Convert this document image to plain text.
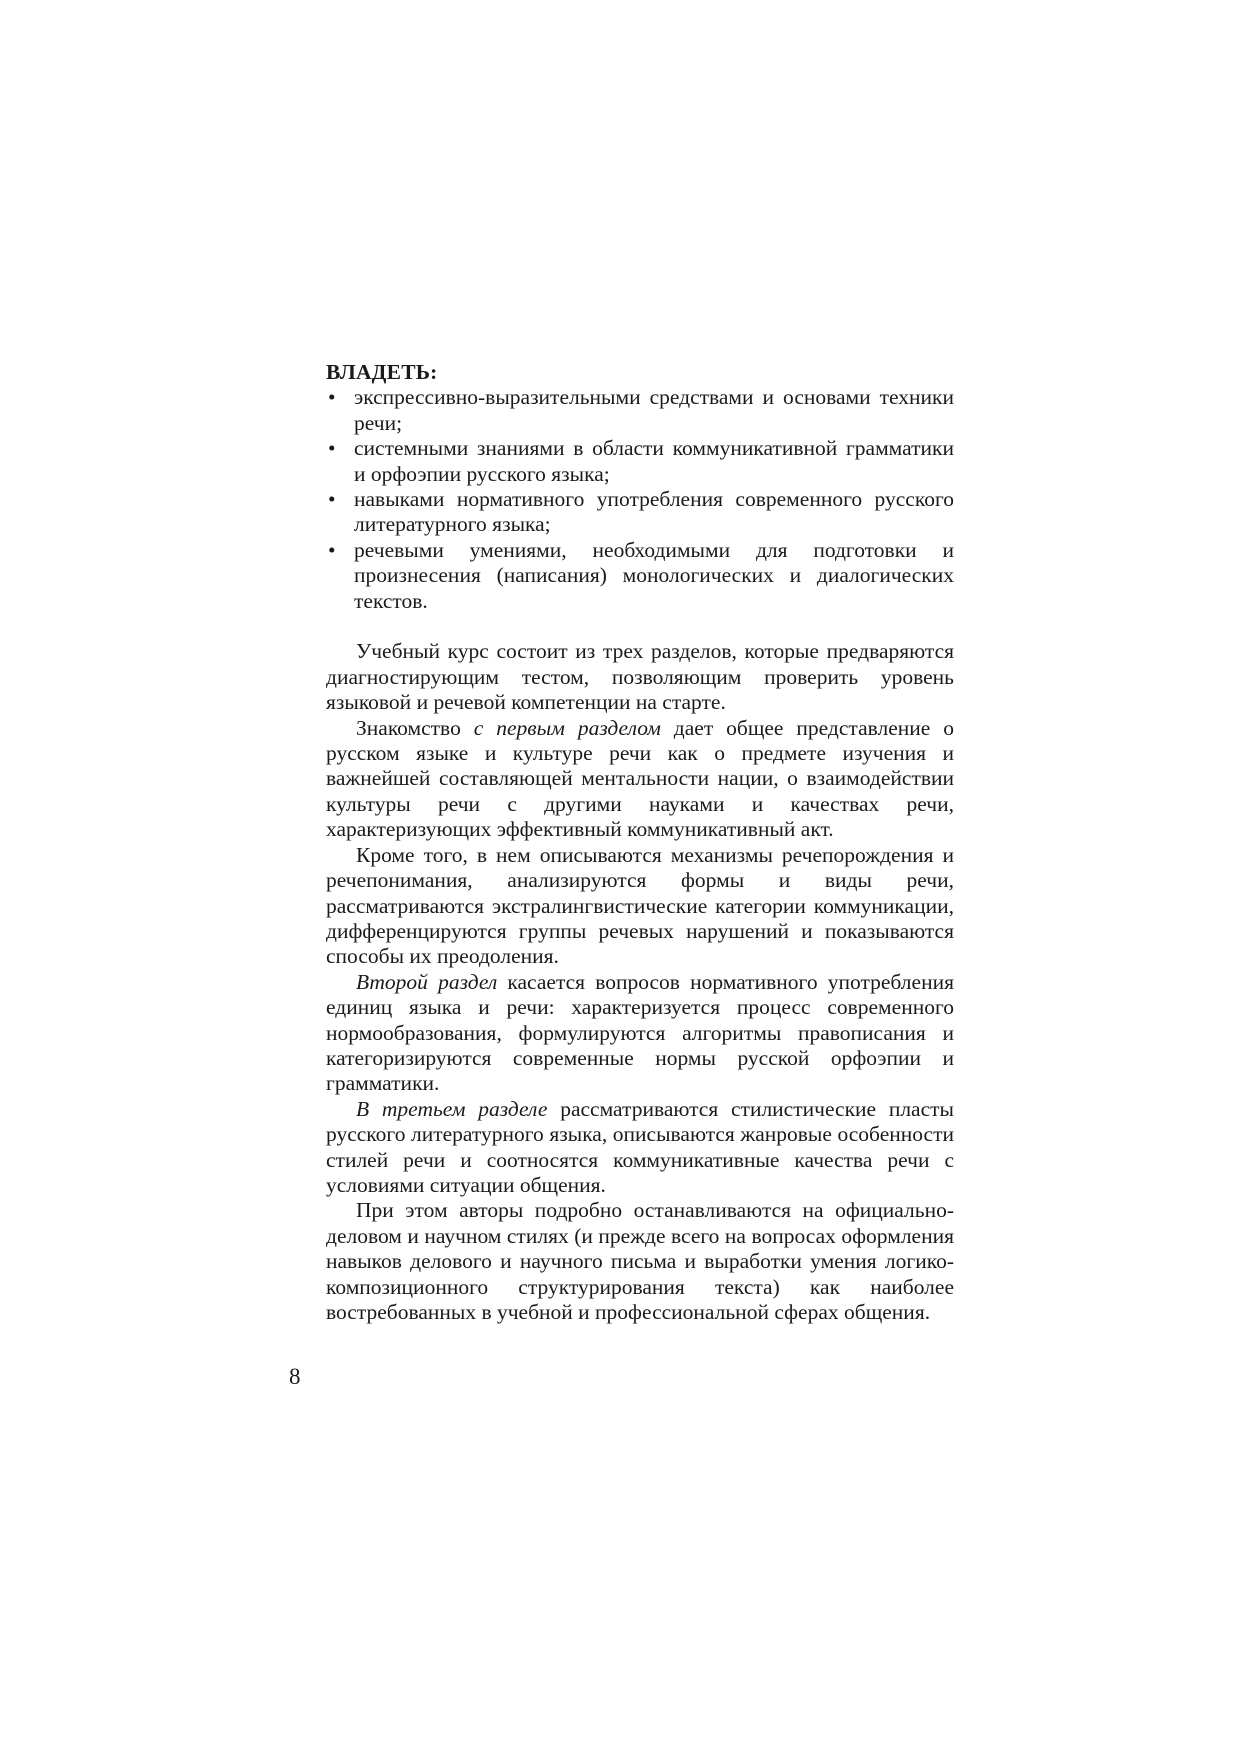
ВЛАДЕТЬ:

• экспрессивно-выразительными средствами и основами техники речи;
• системными знаниями в области коммуникативной грамматики и орфоэпии русского языка;
• навыками нормативного употребления современного русского литературного языка;
• речевыми умениями, необходимыми для подготовки и произнесения (написания) монологических и диалогических текстов.

Учебный курс состоит из трех разделов, которые предваряются диагностирующим тестом, позволяющим проверить уровень языковой и речевой компетенции на старте.

Знакомство с первым разделом дает общее представление о русском языке и культуре речи как о предмете изучения и важнейшей составляющей ментальности нации, о взаимодействии культуры речи с другими науками и качествах речи, характеризующих эффективный коммуникативный акт.

Кроме того, в нем описываются механизмы речепорождения и речепонимания, анализируются формы и виды речи, рассматриваются экстралингвистические категории коммуникации, дифференцируются группы речевых нарушений и показываются способы их преодоления.

Второй раздел касается вопросов нормативного употребления единиц языка и речи: характеризуется процесс современного нормообразования, формулируются алгоритмы правописания и категоризируются современные нормы русской орфоэпии и грамматики.

В третьем разделе рассматриваются стилистические пласты русского литературного языка, описываются жанровые особенности стилей речи и соотносятся коммуникативные качества речи с условиями ситуации общения.

При этом авторы подробно останавливаются на официально-деловом и научном стилях (и прежде всего на вопросах оформления навыков делового и научного письма и выработки умения логико-композиционного структурирования текста) как наиболее востребованных в учебной и профессиональной сферах общения.

8
